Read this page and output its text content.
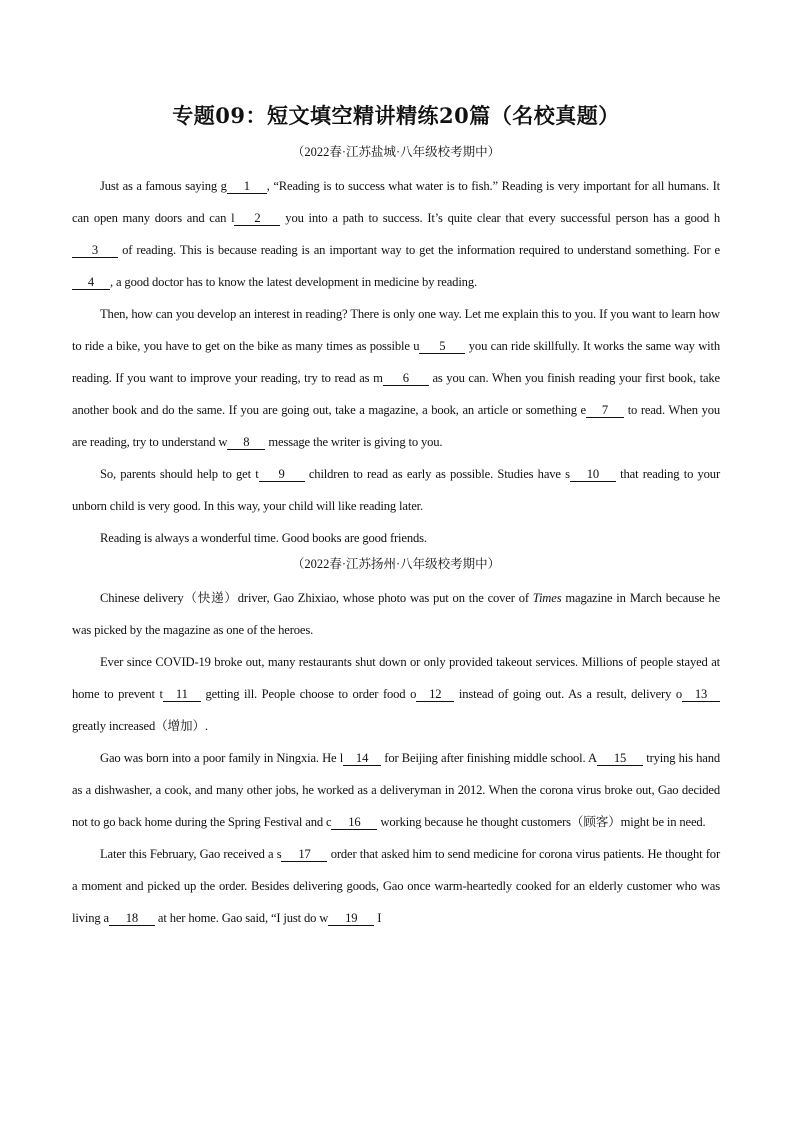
专题09：短文填空精讲精练20篇（名校真题）
（2022春·江苏盐城·八年级校考期中）

Just as a famous saying g 1 , “Reading is to success what water is to fish.” Reading is very important for all humans. It can open many doors and can l 2 you into a path to success. It’s quite clear that every successful person has a good h3 of reading. This is because reading is an important way to get the information required to understand something. For e4 , a good doctor has to know the latest development in medicine by reading.

Then, how can you develop an interest in reading? There is only one way. Let me explain this to you. If you want to learn how to ride a bike, you have to get on the bike as many times as possible u 5 you can ride skillfully. It works the same way with reading. If you want to improve your reading, try to read as m 6 as you can. When you finish reading your first book, take another book and do the same. If you are going out, take a magazine, a book, an article or something e 7 to read. When you are reading, try to understand w 8 message the writer is giving to you.

So, parents should help to get t 9 children to read as early as possible. Studies have s 10 that reading to your unborn child is very good. In this way, your child will like reading later.

Reading is always a wonderful time. Good books are good friends.

（2022春·江苏扬州·八年级校考期中）

Chinese delivery（快递）driver, Gao Zhixiao, whose photo was put on the cover of Times magazine in March because he was picked by the magazine as one of the heroes.

Ever since COVID-19 broke out, many restaurants shut down or only provided takeout services. Millions of people stayed at home to prevent t 11 getting ill. People choose to order food o 12 instead of going out. As a result, delivery o 13 greatly increased（增加）.

Gao was born into a poor family in Ningxia. He l 14 for Beijing after finishing middle school. A 15 trying his hand as a dishwasher, a cook, and many other jobs, he worked as a deliveryman in 2012. When the corona virus broke out, Gao decided not to go back home during the Spring Festival and c 16 working because he thought customers（顾客）might be in need.

Later this February, Gao received a s 17 order that asked him to send medicine for corona virus patients. He thought for a moment and picked up the order. Besides delivering goods, Gao once warm-heartedly cooked for an elderly customer who was living a 18 at her home. Gao said, “I just do w 19 I
